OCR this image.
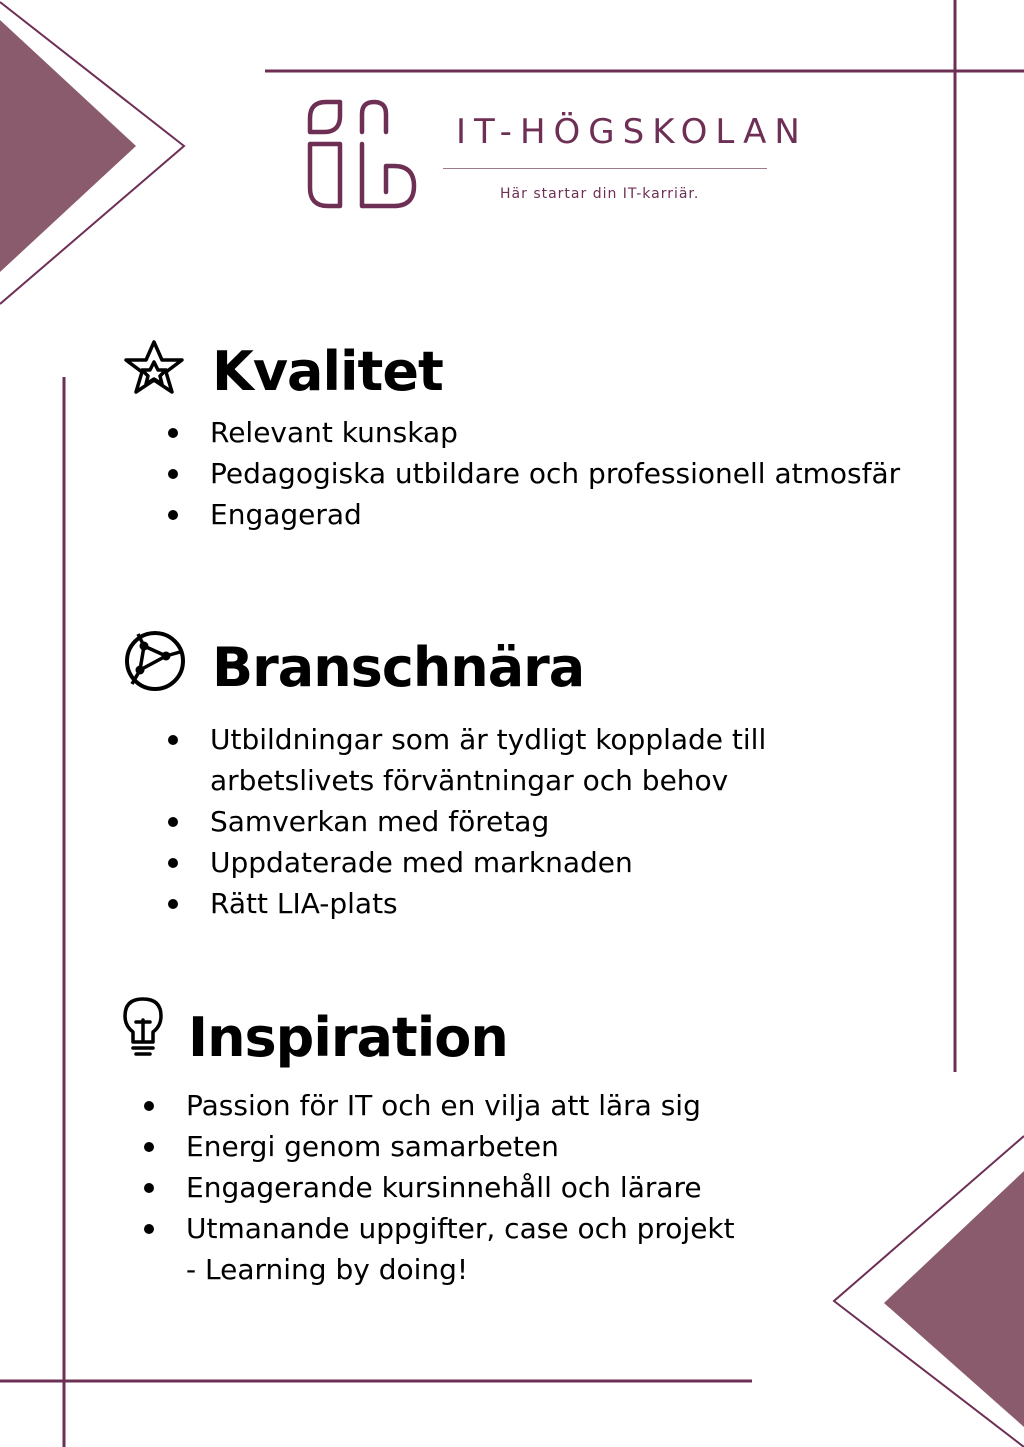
IT-HÖGSKOLAN
Här startar din IT-karriär.
Kvalitet
Relevant kunskap
Pedagogiska utbildare och professionell atmosfär
Engagerad
Branschnära
Utbildningar som är tydligt kopplade till
arbetslivets förväntningar och behov
Samverkan med företag
Uppdaterade med marknaden
Rätt LIA-plats
Inspiration
Passion för IT och en vilja att lära sig
Energi genom samarbeten
Engagerande kursinnehåll och lärare
Utmanande uppgifter, case och projekt
- Learning by doing!
